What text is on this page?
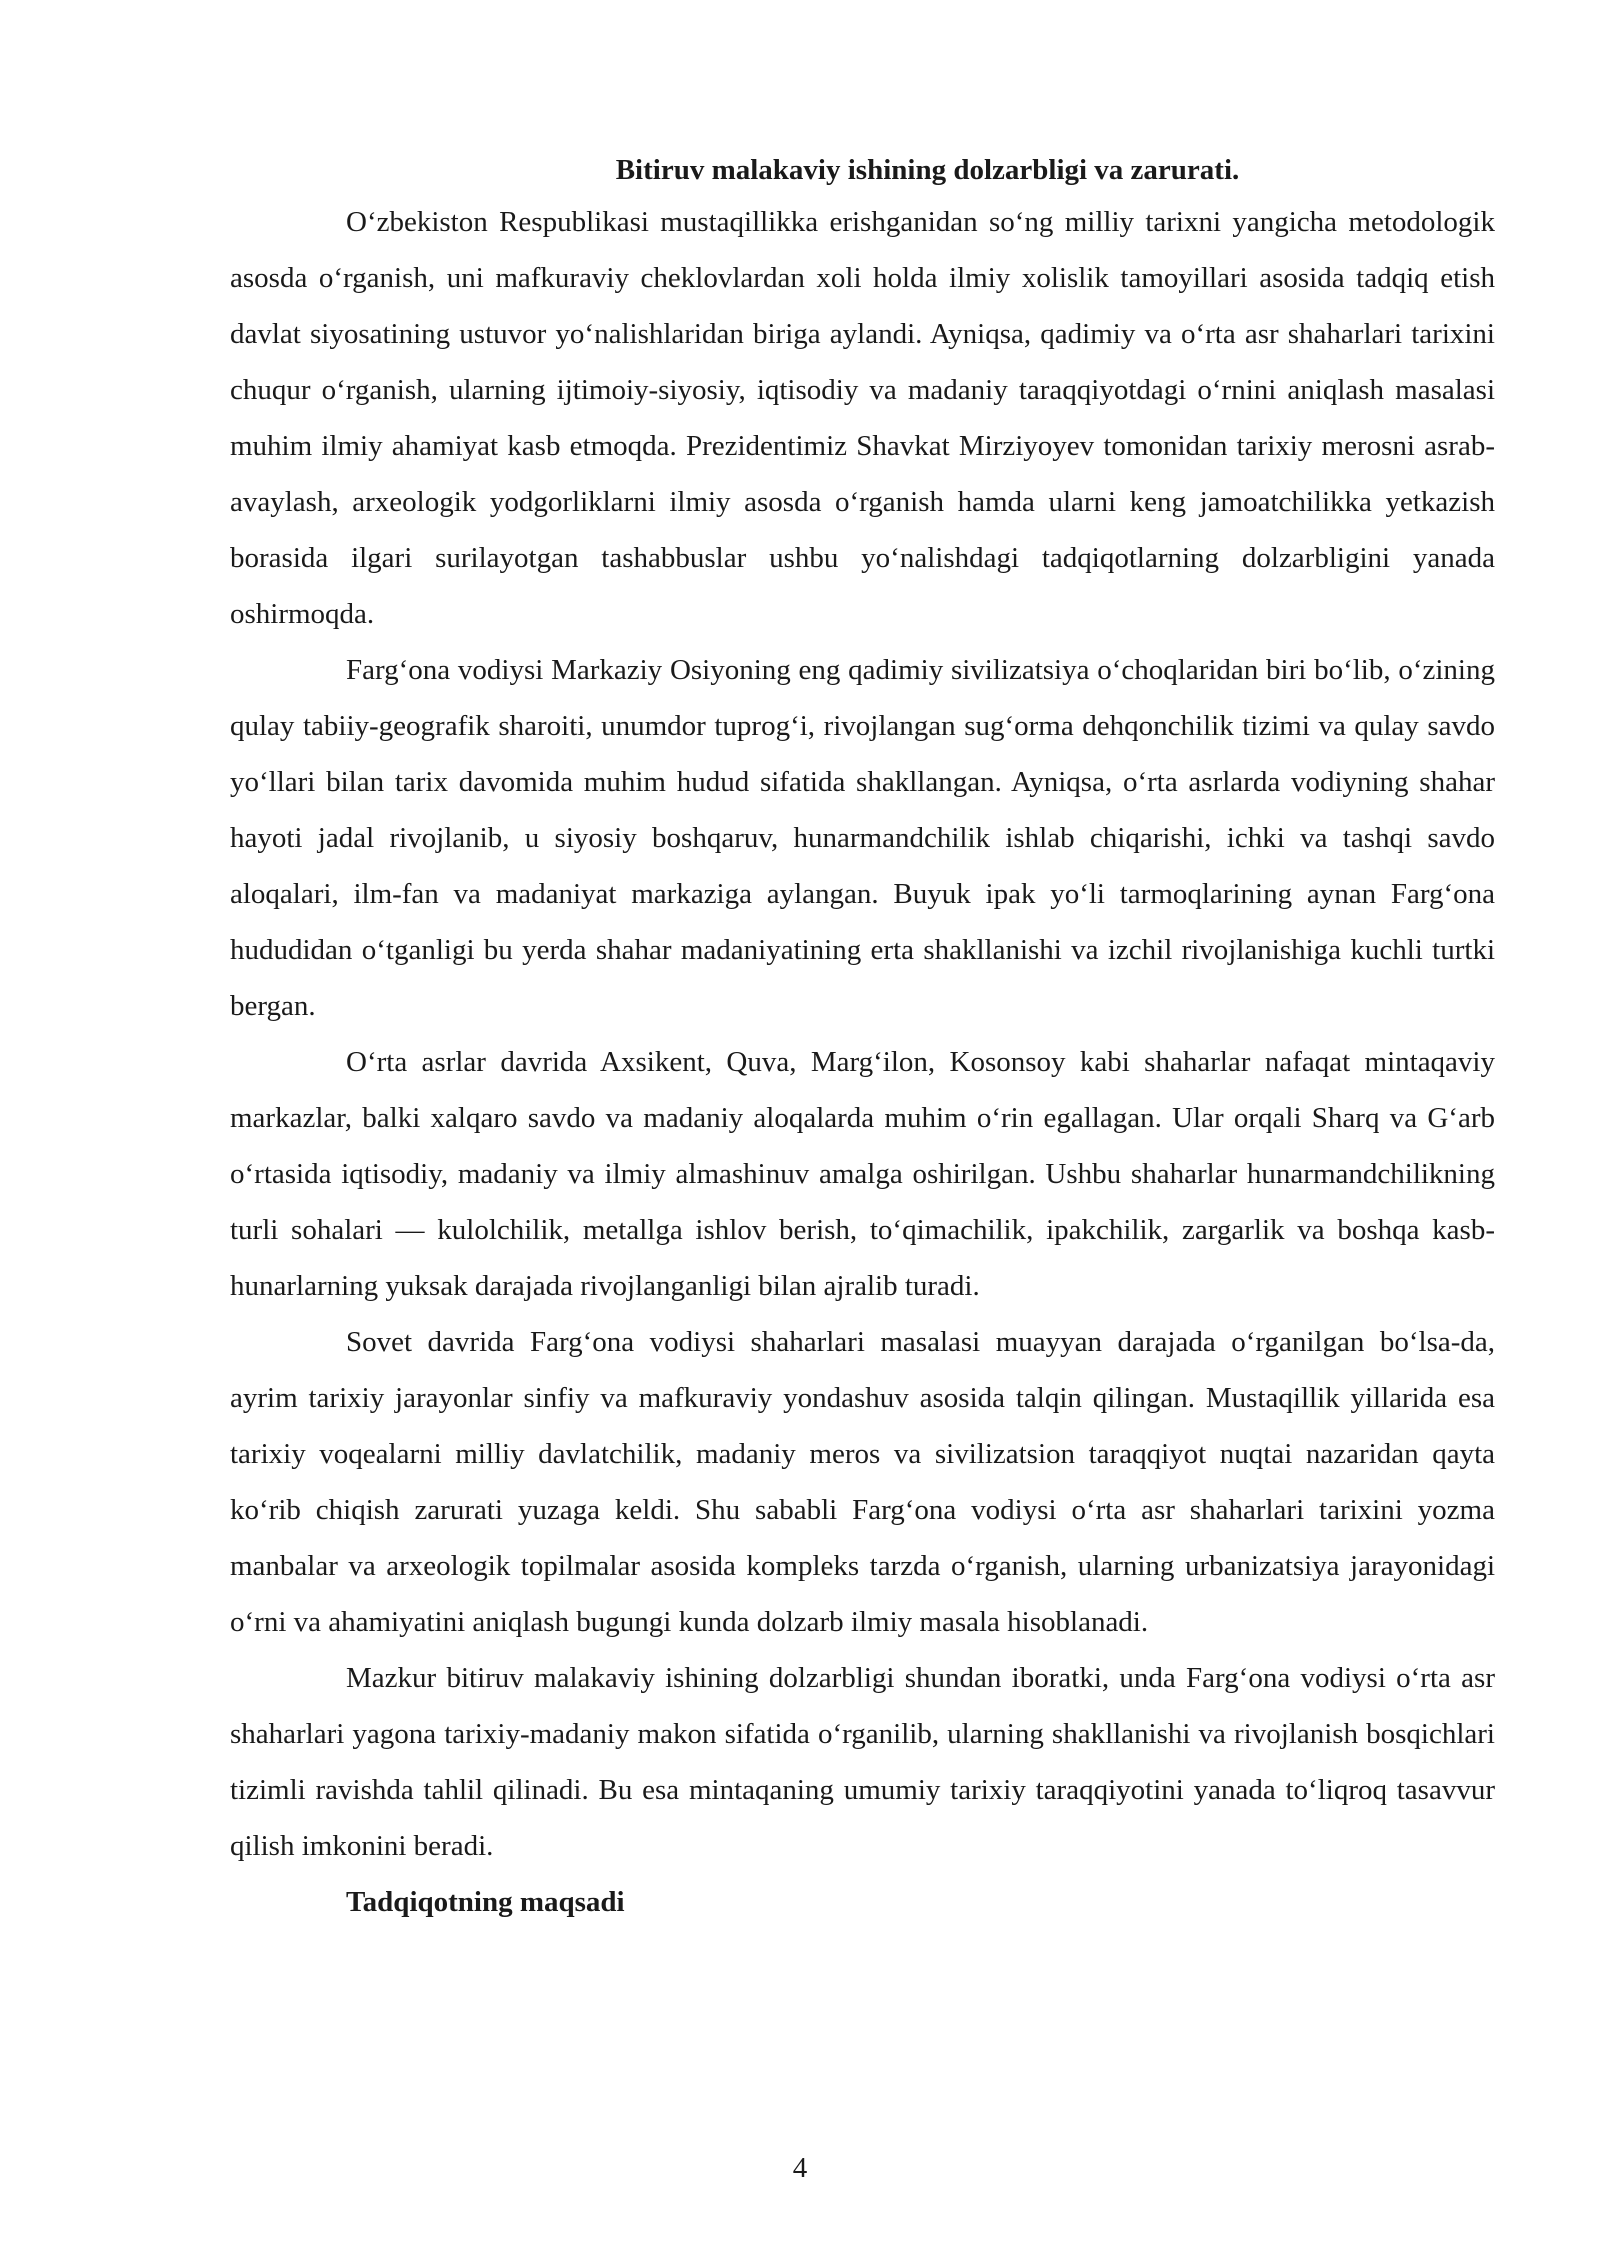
Bitiruv malakaviy ishining dolzarbligi va zarurati.

O‘zbekiston Respublikasi mustaqillikka erishganidan so‘ng milliy tarixni yangicha metodologik asosda o‘rganish, uni mafkuraviy cheklovlardan xoli holda ilmiy xolislik tamoyillari asosida tadqiq etish davlat siyosatining ustuvor yo‘nalishlaridan biriga aylandi. Ayniqsa, qadimiy va o‘rta asr shaharlari tarixini chuqur o‘rganish, ularning ijtimoiy-siyosiy, iqtisodiy va madaniy taraqqiyotdagi o‘rnini aniqlash masalasi muhim ilmiy ahamiyat kasb etmoqda. Prezidentimiz Shavkat Mirziyoyev tomonidan tarixiy merosni asrab-avaylash, arxeologik yodgorliklarni ilmiy asosda o‘rganish hamda ularni keng jamoatchilikka yetkazish borasida ilgari surilayotgan tashabbuslar ushbu yo‘nalishdagi tadqiqotlarning dolzarbligini yanada oshirmoqda.

Farg‘ona vodiysi Markaziy Osiyoning eng qadimiy sivilizatsiya o‘choqlaridan biri bo‘lib, o‘zining qulay tabiiy-geografik sharoiti, unumdor tuprog‘i, rivojlangan sug‘orma dehqonchilik tizimi va qulay savdo yo‘llari bilan tarix davomida muhim hudud sifatida shakllangan. Ayniqsa, o‘rta asrlarda vodiyning shahar hayoti jadal rivojlanib, u siyosiy boshqaruv, hunarmandchilik ishlab chiqarishi, ichki va tashqi savdo aloqalari, ilm-fan va madaniyat markaziga aylangan. Buyuk ipak yo‘li tarmoqlarining aynan Farg‘ona hududidan o‘tganligi bu yerda shahar madaniyatining erta shakllanishi va izchil rivojlanishiga kuchli turtki bergan.

O‘rta asrlar davrida Axsikent, Quva, Marg‘ilon, Kosonsoy kabi shaharlar nafaqat mintaqaviy markazlar, balki xalqaro savdo va madaniy aloqalarda muhim o‘rin egallagan. Ular orqali Sharq va G‘arb o‘rtasida iqtisodiy, madaniy va ilmiy almashinuv amalga oshirilgan. Ushbu shaharlar hunarmandchilikning turli sohalari — kulolchilik, metallga ishlov berish, to‘qimachilik, ipakchilik, zargarlik va boshqa kasb-hunarlarning yuksak darajada rivojlanganligi bilan ajralib turadi.

Sovet davrida Farg‘ona vodiysi shaharlari masalasi muayyan darajada o‘rganilgan bo‘lsa-da, ayrim tarixiy jarayonlar sinfiy va mafkuraviy yondashuv asosida talqin qilingan. Mustaqillik yillarida esa tarixiy voqealarni milliy davlatchilik, madaniy meros va sivilizatsion taraqqiyot nuqtai nazaridan qayta ko‘rib chiqish zarurati yuzaga keldi. Shu sababli Farg‘ona vodiysi o‘rta asr shaharlari tarixini yozma manbalar va arxeologik topilmalar asosida kompleks tarzda o‘rganish, ularning urbanizatsiya jarayonidagi o‘rni va ahamiyatini aniqlash bugungi kunda dolzarb ilmiy masala hisoblanadi.

Mazkur bitiruv malakaviy ishining dolzarbligi shundan iboratki, unda Farg‘ona vodiysi o‘rta asr shaharlari yagona tarixiy-madaniy makon sifatida o‘rganilib, ularning shakllanishi va rivojlanish bosqichlari tizimli ravishda tahlil qilinadi. Bu esa mintaqaning umumiy tarixiy taraqqiyotini yanada to‘liqroq tasavvur qilish imkonini beradi.

Tadqiqotning maqsadi

4
